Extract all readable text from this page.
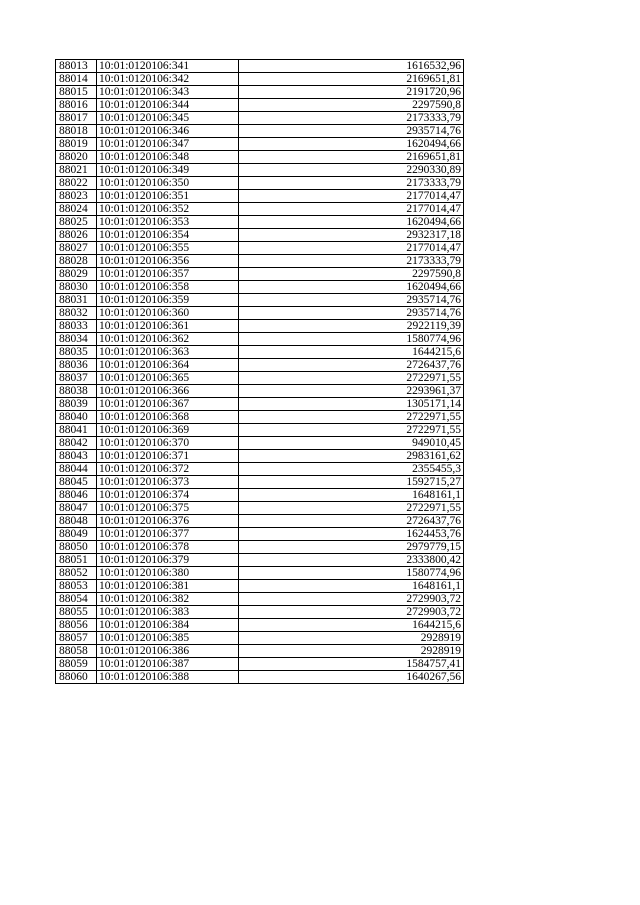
88013	10:01:0120106:341	1616532,96
88014	10:01:0120106:342	2169651,81
88015	10:01:0120106:343	2191720,96
88016	10:01:0120106:344	2297590,8
88017	10:01:0120106:345	2173333,79
88018	10:01:0120106:346	2935714,76
88019	10:01:0120106:347	1620494,66
88020	10:01:0120106:348	2169651,81
88021	10:01:0120106:349	2290330,89
88022	10:01:0120106:350	2173333,79
88023	10:01:0120106:351	2177014,47
88024	10:01:0120106:352	2177014,47
88025	10:01:0120106:353	1620494,66
88026	10:01:0120106:354	2932317,18
88027	10:01:0120106:355	2177014,47
88028	10:01:0120106:356	2173333,79
88029	10:01:0120106:357	2297590,8
88030	10:01:0120106:358	1620494,66
88031	10:01:0120106:359	2935714,76
88032	10:01:0120106:360	2935714,76
88033	10:01:0120106:361	2922119,39
88034	10:01:0120106:362	1580774,96
88035	10:01:0120106:363	1644215,6
88036	10:01:0120106:364	2726437,76
88037	10:01:0120106:365	2722971,55
88038	10:01:0120106:366	2293961,37
88039	10:01:0120106:367	1305171,14
88040	10:01:0120106:368	2722971,55
88041	10:01:0120106:369	2722971,55
88042	10:01:0120106:370	949010,45
88043	10:01:0120106:371	2983161,62
88044	10:01:0120106:372	2355455,3
88045	10:01:0120106:373	1592715,27
88046	10:01:0120106:374	1648161,1
88047	10:01:0120106:375	2722971,55
88048	10:01:0120106:376	2726437,76
88049	10:01:0120106:377	1624453,76
88050	10:01:0120106:378	2979779,15
88051	10:01:0120106:379	2333800,42
88052	10:01:0120106:380	1580774,96
88053	10:01:0120106:381	1648161,1
88054	10:01:0120106:382	2729903,72
88055	10:01:0120106:383	2729903,72
88056	10:01:0120106:384	1644215,6
88057	10:01:0120106:385	2928919
88058	10:01:0120106:386	2928919
88059	10:01:0120106:387	1584757,41
88060	10:01:0120106:388	1640267,56
